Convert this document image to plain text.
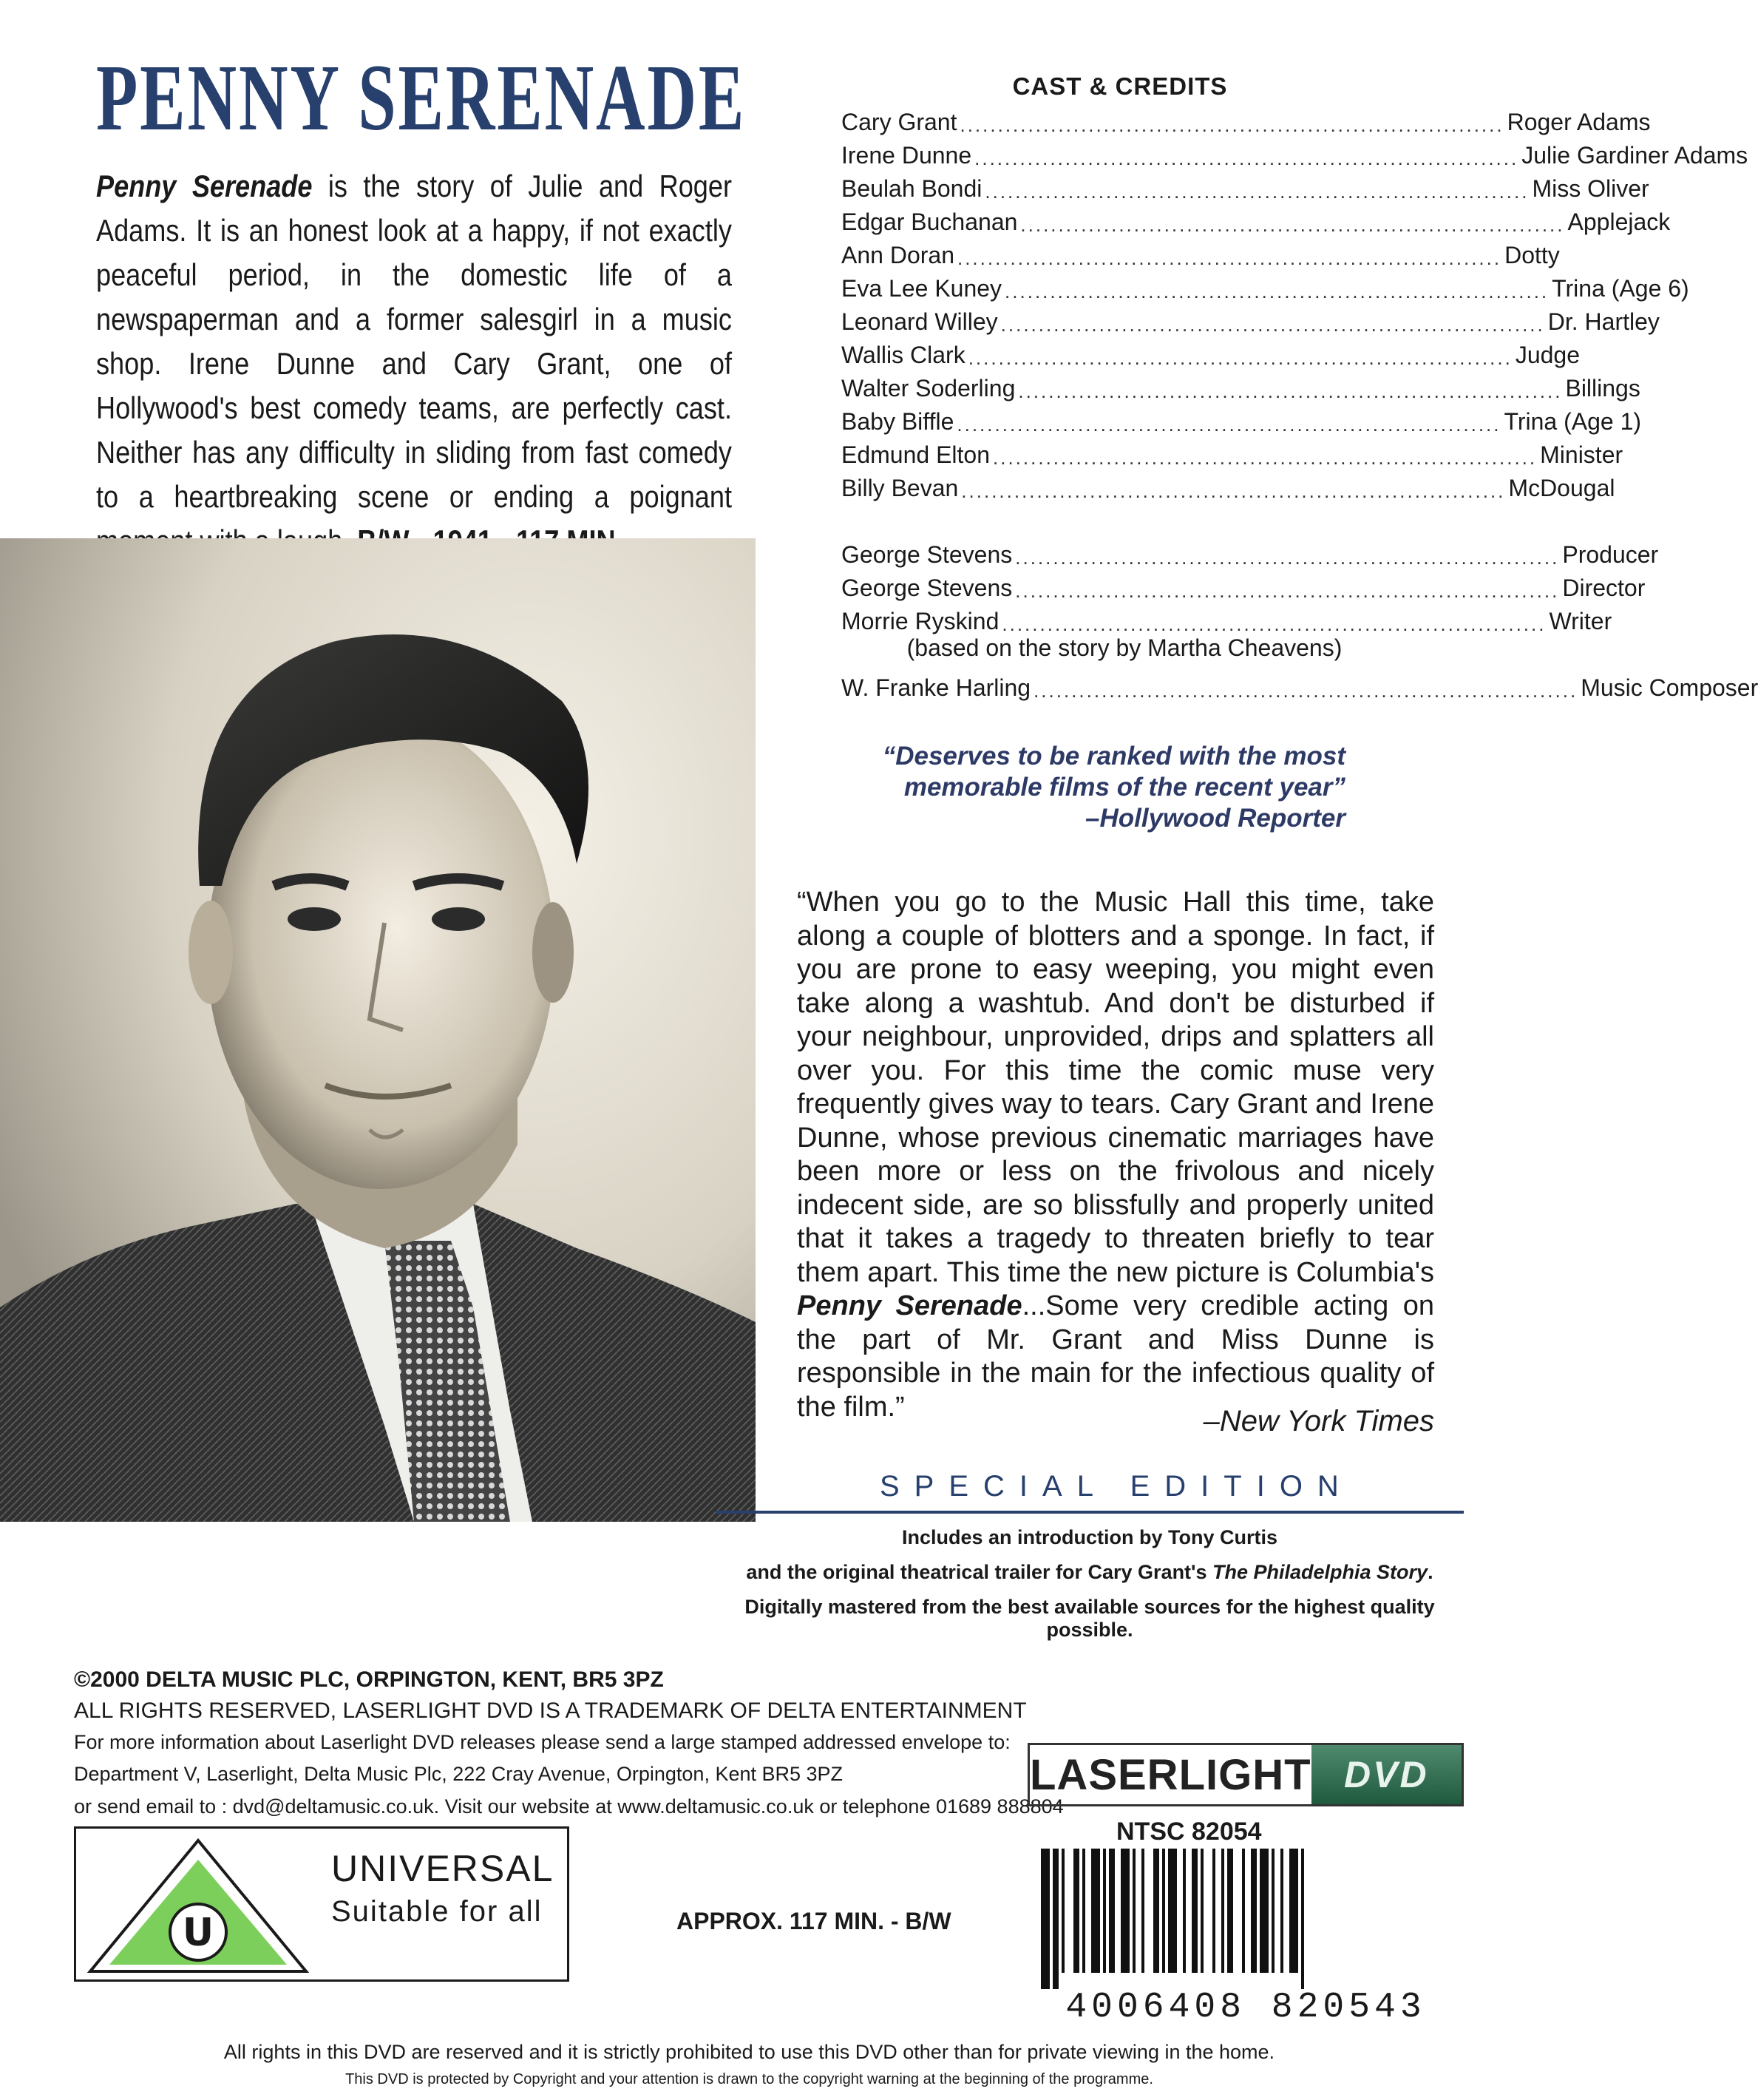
PENNY SERENADE
Penny Serenade is the story of Julie and Roger Adams. It is an honest look at a happy, if not exactly peaceful period, in the domestic life of a newspaperman and a former salesgirl in a music shop. Irene Dunne and Cary Grant, one of Hollywood's best comedy teams, are perfectly cast. Neither has any difficulty in sliding from fast comedy to a heartbreaking scene or ending a poignant
CAST & CREDITS
Cary Grant ........................................................................ Roger Adams
Irene Dunne ........................................................................ Julie Gardiner Adams
Beulah Bondi ........................................................................ Miss Oliver
Edgar Buchanan ........................................................................ Applejack
Ann Doran ........................................................................ Dotty
Eva Lee Kuney ........................................................................ Trina (Age 6)
Leonard Willey ........................................................................ Dr. Hartley
Wallis Clark ........................................................................ Judge
Walter Soderling ........................................................................ Billings
Baby Biffle ........................................................................ Trina (Age 1)
Edmund Elton ........................................................................ Minister
Billy Bevan ........................................................................ McDougal
George Stevens ........................................................................ Producer
George Stevens ........................................................................ Director
Morrie Ryskind ........................................................................ Writer
W. Franke Harling ........................................................................ Music Composer
(based on the story by Martha Cheavens)
“Deserves to be ranked with the most
memorable films of the recent year”
–Hollywood Reporter
“When you go to the Music Hall this time, take along a couple of blotters and a sponge. In fact, if you are prone to easy weeping, you might even take along a washtub. And don't be disturbed if your neighbour, unprovided, drips and splatters all over you. For this time the comic muse very frequently gives way to tears. Cary Grant and Irene Dunne, whose previous cinematic marriages have been more or less on the frivolous and nicely indecent side, are so blissfully and properly united that it takes a tragedy to threaten briefly to tear them apart. This time the new picture is Columbia's Penny Serenade...Some very credible acting on the part of Mr. Grant and Miss Dunne is responsible in the main for the infectious quality of the film.”	–New York Times
SPECIAL EDITION
Includes an introduction by Tony Curtis
and the original theatrical trailer for Cary Grant's The Philadelphia Story.
Digitally mastered from the best available sources for the highest quality possible.
©2000 DELTA MUSIC PLC, ORPINGTON, KENT, BR5 3PZ
ALL RIGHTS RESERVED, LASERLIGHT DVD IS A TRADEMARK OF DELTA ENTERTAINMENT
For more information about Laserlight DVD releases please send a large stamped addressed envelope to:
Department V, Laserlight, Delta Music Plc, 222 Cray Avenue, Orpington, Kent BR5 3PZ
or send email to : dvd@deltamusic.co.uk. Visit our website at www.deltamusic.co.uk or telephone 01689 888804
U
UNIVERSAL
Suitable for all	APPROX. 117 MIN. - B/W
LASERLIGHT DVD
NTSC 82054
4006408 820543
All rights in this DVD are reserved and it is strictly prohibited to use this DVD other than for private viewing in the home.
This DVD is protected by Copyright and your attention is drawn to the copyright warning at the beginning of the programme.
